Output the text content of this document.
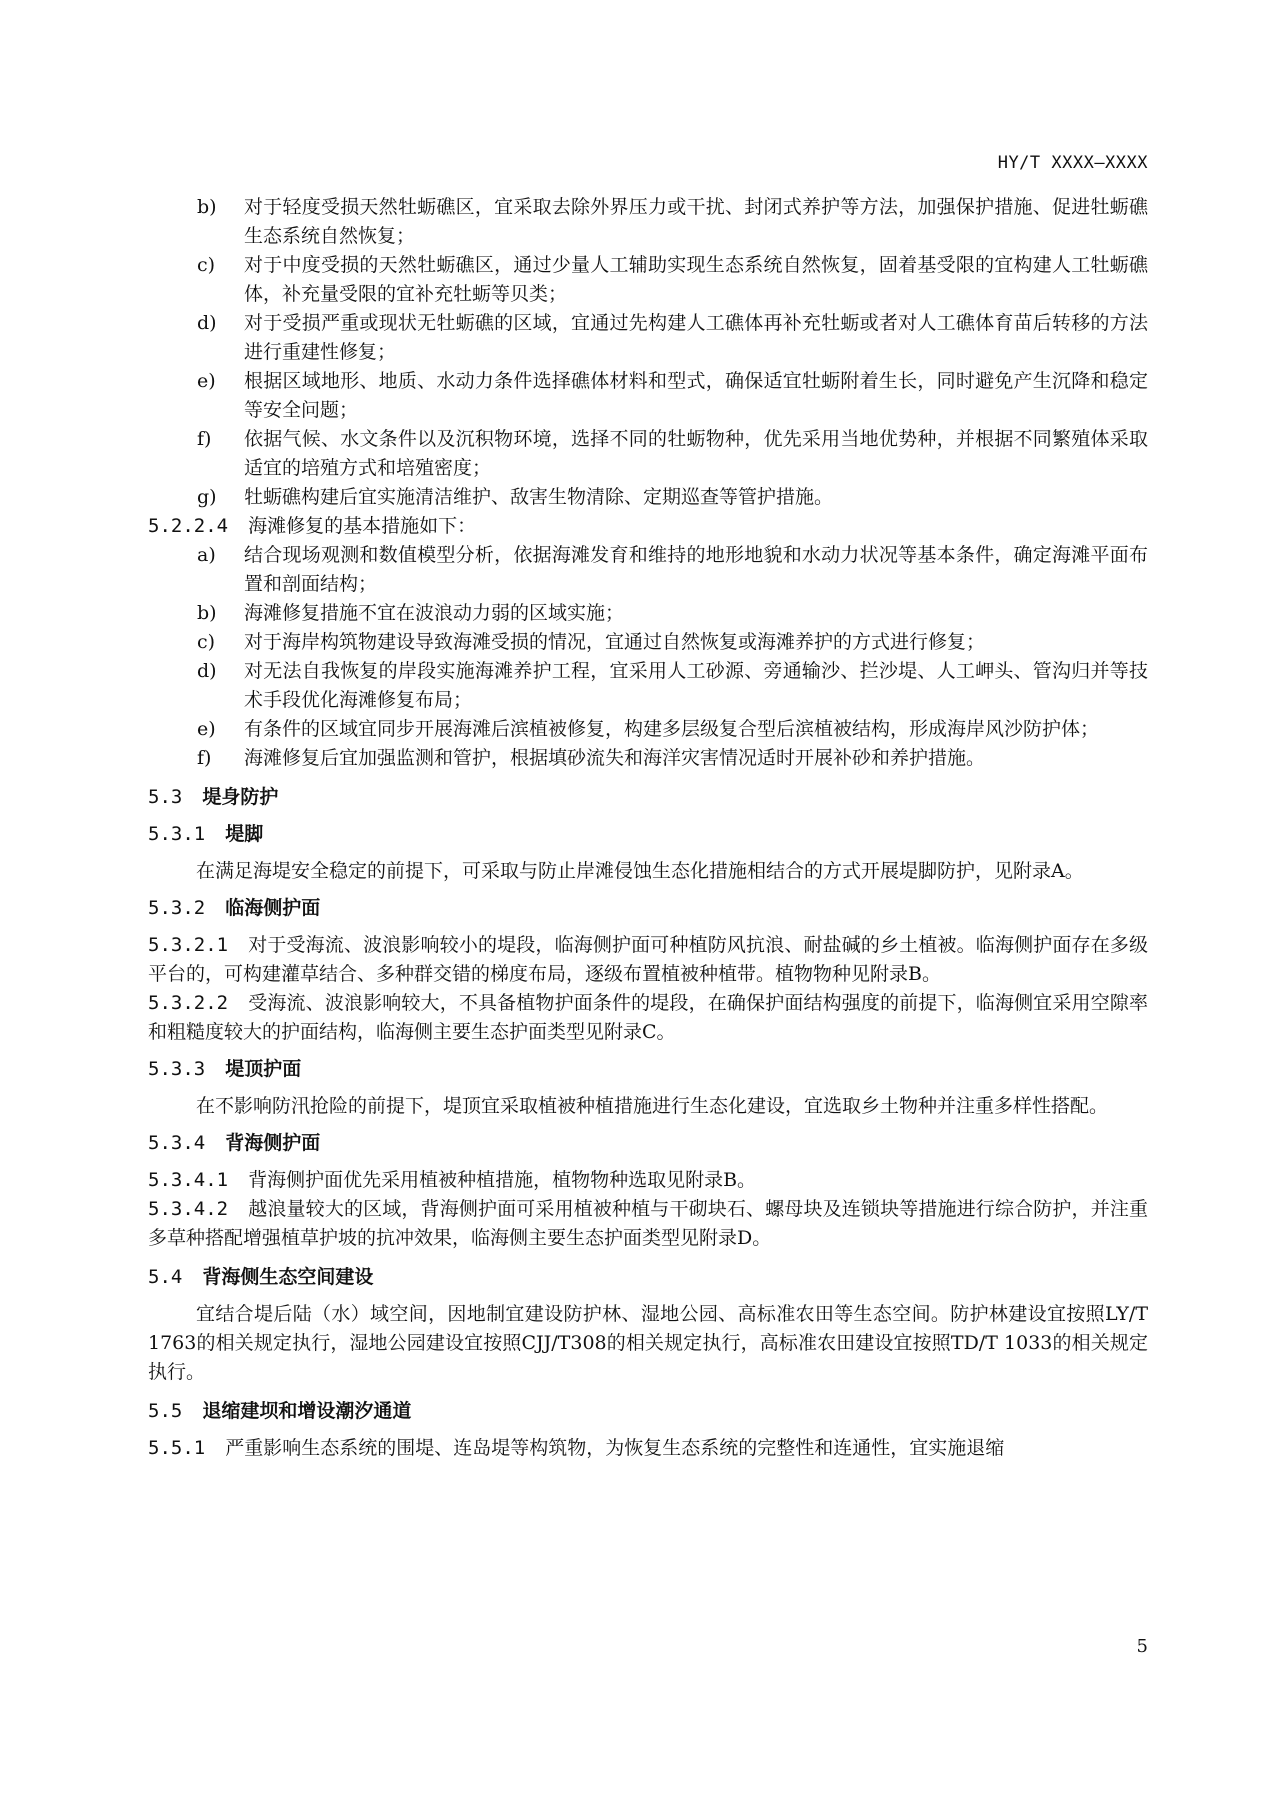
HY/T XXXX—XXXX
b)	对于轻度受损天然牡蛎礁区，宜采取去除外界压力或干扰、封闭式养护等方法，加强保护措施、促进牡蛎礁生态系统自然恢复；
c)	对于中度受损的天然牡蛎礁区，通过少量人工辅助实现生态系统自然恢复，固着基受限的宜构建人工牡蛎礁体，补充量受限的宜补充牡蛎等贝类；
d)	对于受损严重或现状无牡蛎礁的区域，宜通过先构建人工礁体再补充牡蛎或者对人工礁体育苗后转移的方法进行重建性修复；
e)	根据区域地形、地质、水动力条件选择礁体材料和型式，确保适宜牡蛎附着生长，同时避免产生沉降和稳定等安全问题；
f)	依据气候、水文条件以及沉积物环境，选择不同的牡蛎物种，优先采用当地优势种，并根据不同繁殖体采取适宜的培殖方式和培殖密度；
g)	牡蛎礁构建后宜实施清洁维护、敌害生物清除、定期巡查等管护措施。
5.2.2.4 海滩修复的基本措施如下：
a)	结合现场观测和数值模型分析，依据海滩发育和维持的地形地貌和水动力状况等基本条件，确定海滩平面布置和剖面结构；
b)	海滩修复措施不宜在波浪动力弱的区域实施；
c)	对于海岸构筑物建设导致海滩受损的情况，宜通过自然恢复或海滩养护的方式进行修复；
d)	对无法自我恢复的岸段实施海滩养护工程，宜采用人工砂源、旁通输沙、拦沙堤、人工岬头、管沟归并等技术手段优化海滩修复布局；
e)	有条件的区域宜同步开展海滩后滨植被修复，构建多层级复合型后滨植被结构，形成海岸风沙防护体；
f)	海滩修复后宜加强监测和管护，根据填砂流失和海洋灾害情况适时开展补砂和养护措施。
5.3 堤身防护
5.3.1 堤脚
在满足海堤安全稳定的前提下，可采取与防止岸滩侵蚀生态化措施相结合的方式开展堤脚防护，见附录A。
5.3.2 临海侧护面
5.3.2.1 对于受海流、波浪影响较小的堤段，临海侧护面可种植防风抗浪、耐盐碱的乡土植被。临海侧护面存在多级平台的，可构建灌草结合、多种群交错的梯度布局，逐级布置植被种植带。植物物种见附录B。
5.3.2.2 受海流、波浪影响较大，不具备植物护面条件的堤段，在确保护面结构强度的前提下，临海侧宜采用空隙率和粗糙度较大的护面结构，临海侧主要生态护面类型见附录C。
5.3.3 堤顶护面
在不影响防汛抢险的前提下，堤顶宜采取植被种植措施进行生态化建设，宜选取乡土物种并注重多样性搭配。
5.3.4 背海侧护面
5.3.4.1 背海侧护面优先采用植被种植措施，植物物种选取见附录B。
5.3.4.2 越浪量较大的区域，背海侧护面可采用植被种植与干砌块石、螺母块及连锁块等措施进行综合防护，并注重多草种搭配增强植草护坡的抗冲效果，临海侧主要生态护面类型见附录D。
5.4 背海侧生态空间建设
宜结合堤后陆（水）域空间，因地制宜建设防护林、湿地公园、高标准农田等生态空间。防护林建设宜按照LY/T 1763的相关规定执行，湿地公园建设宜按照CJJ/T308的相关规定执行，高标准农田建设宜按照TD/T 1033的相关规定执行。
5.5 退缩建坝和增设潮汐通道
5.5.1 严重影响生态系统的围堤、连岛堤等构筑物，为恢复生态系统的完整性和连通性，宜实施退缩
5
